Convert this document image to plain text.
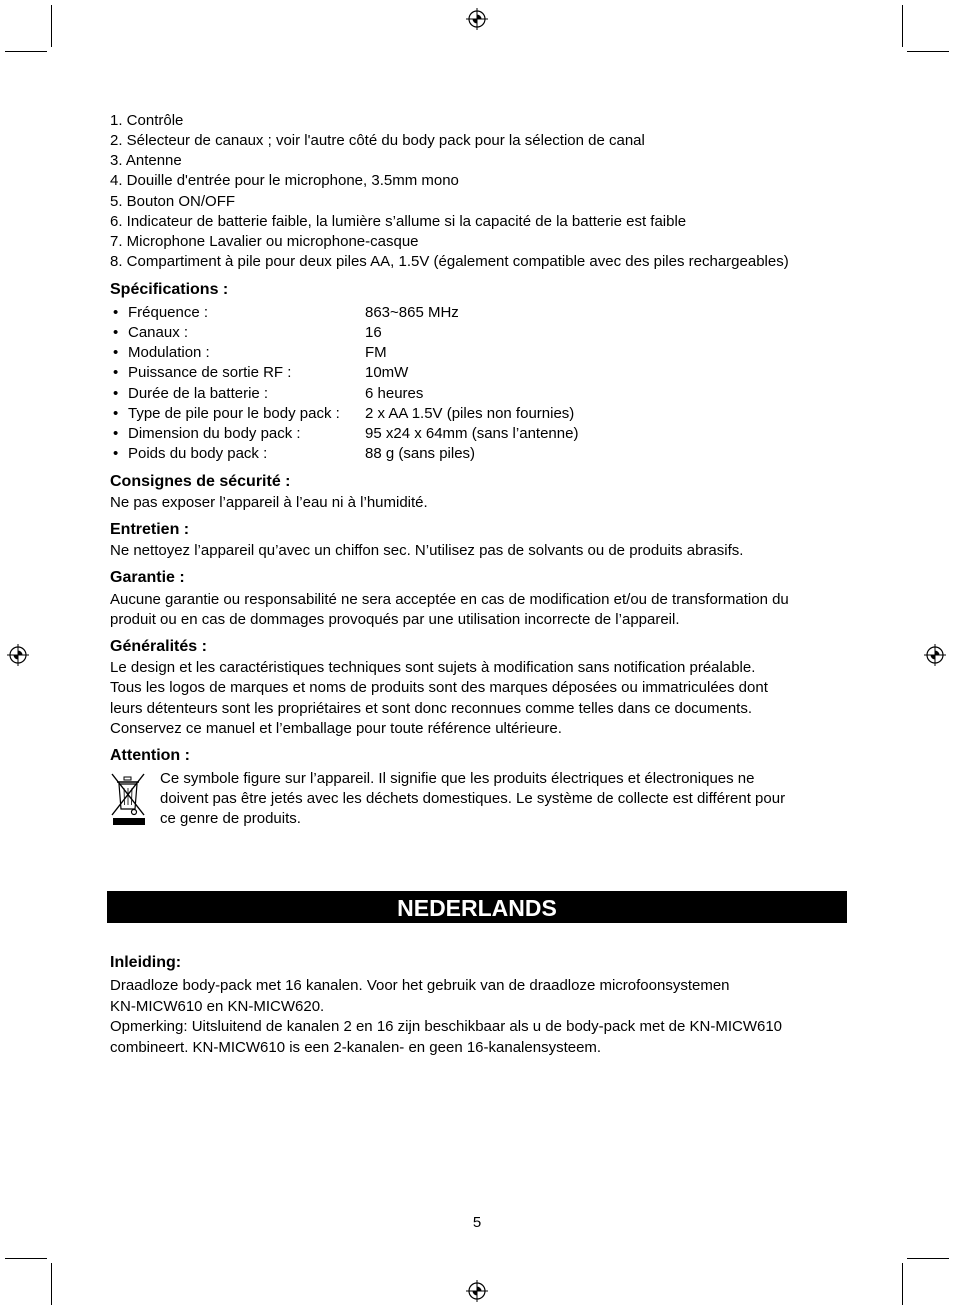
1. Contrôle
2. Sélecteur de canaux ; voir l'autre côté du body pack pour la sélection de canal
3. Antenne
4. Douille d'entrée pour le microphone, 3.5mm mono
5. Bouton ON/OFF
6. Indicateur de batterie faible, la lumière s’allume si la capacité de la batterie est faible
7. Microphone Lavalier ou microphone-casque
8. Compartiment à pile pour deux piles AA, 1.5V (également compatible avec des piles rechargeables)
Spécifications :
• Fréquence :	863~865 MHz
• Canaux :	16
• Modulation :	FM
• Puissance de sortie RF :	10mW
• Durée de la batterie :	6 heures
• Type de pile pour le body pack : 2 x AA 1.5V (piles non fournies)
• Dimension du body pack :	95 x24 x 64mm (sans l’antenne)
• Poids du body pack :	88 g (sans piles)
Consignes de sécurité :
Ne pas exposer l’appareil à l’eau ni à l’humidité.
Entretien :
Ne nettoyez l’appareil qu’avec un chiffon sec. N’utilisez pas de solvants ou de produits abrasifs.
Garantie :
Aucune garantie ou responsabilité ne sera acceptée en cas de modification et/ou de transformation du
produit ou en cas de dommages provoqués par une utilisation incorrecte de l’appareil.
Généralités :
Le design et les caractéristiques techniques sont sujets à modification sans notification préalable.
Tous les logos de marques et noms de produits sont des marques déposées ou immatriculées dont
leurs détenteurs sont les propriétaires et sont donc reconnues comme telles dans ce documents.
Conservez ce manuel et l’emballage pour toute référence ultérieure.
Attention :
Ce symbole figure sur l’appareil. Il signifie que les produits électriques et électroniques ne
doivent pas être jetés avec les déchets domestiques. Le système de collecte est différent pour
ce genre de produits.
NEDERLANDS
Inleiding:
Draadloze body-pack met 16 kanalen. Voor het gebruik van de draadloze microfoonsystemen
KN-MICW610 en KN-MICW620.
Opmerking: Uitsluitend de kanalen 2 en 16 zijn beschikbaar als u de body-pack met de KN-MICW610
combineert. KN-MICW610 is een 2-kanalen- en geen 16-kanalensysteem.
5
